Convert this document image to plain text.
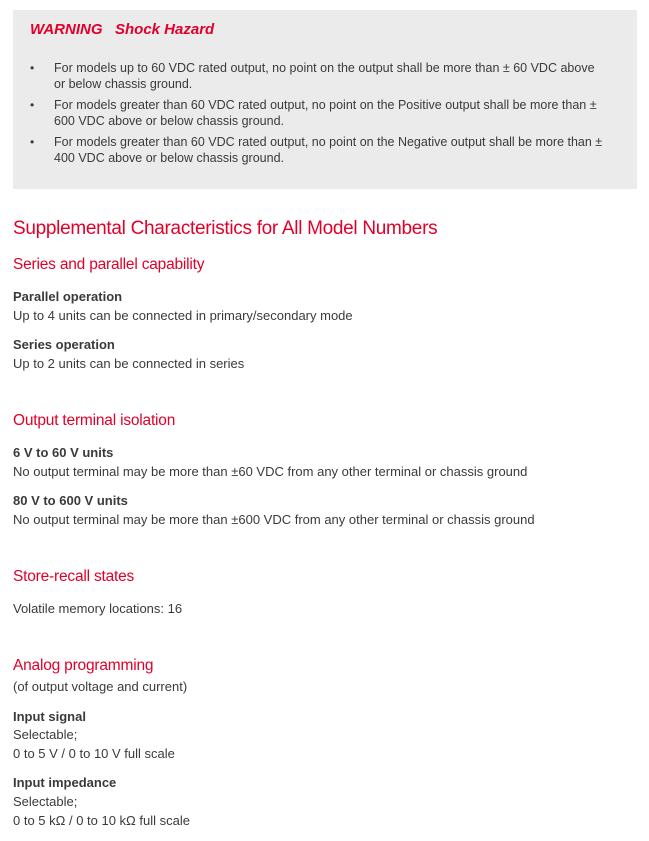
WARNING   Shock Hazard
• For models up to 60 VDC rated output, no point on the output shall be more than ± 60 VDC above or below chassis ground.
• For models greater than 60 VDC rated output, no point on the Positive output shall be more than ± 600 VDC above or below chassis ground.
• For models greater than 60 VDC rated output, no point on the Negative output shall be more than ± 400 VDC above or below chassis ground.
Supplemental Characteristics for All Model Numbers
Series and parallel capability
Parallel operation
Up to 4 units can be connected in primary/secondary mode
Series operation
Up to 2 units can be connected in series
Output terminal isolation
6 V to 60 V units
No output terminal may be more than ±60 VDC from any other terminal or chassis ground
80 V to 600 V units
No output terminal may be more than ±600 VDC from any other terminal or chassis ground
Store-recall states
Volatile memory locations: 16
Analog programming
(of output voltage and current)
Input signal
Selectable;
0 to 5 V / 0 to 10 V full scale
Input impedance
Selectable;
0 to 5 kΩ / 0 to 10 kΩ full scale
